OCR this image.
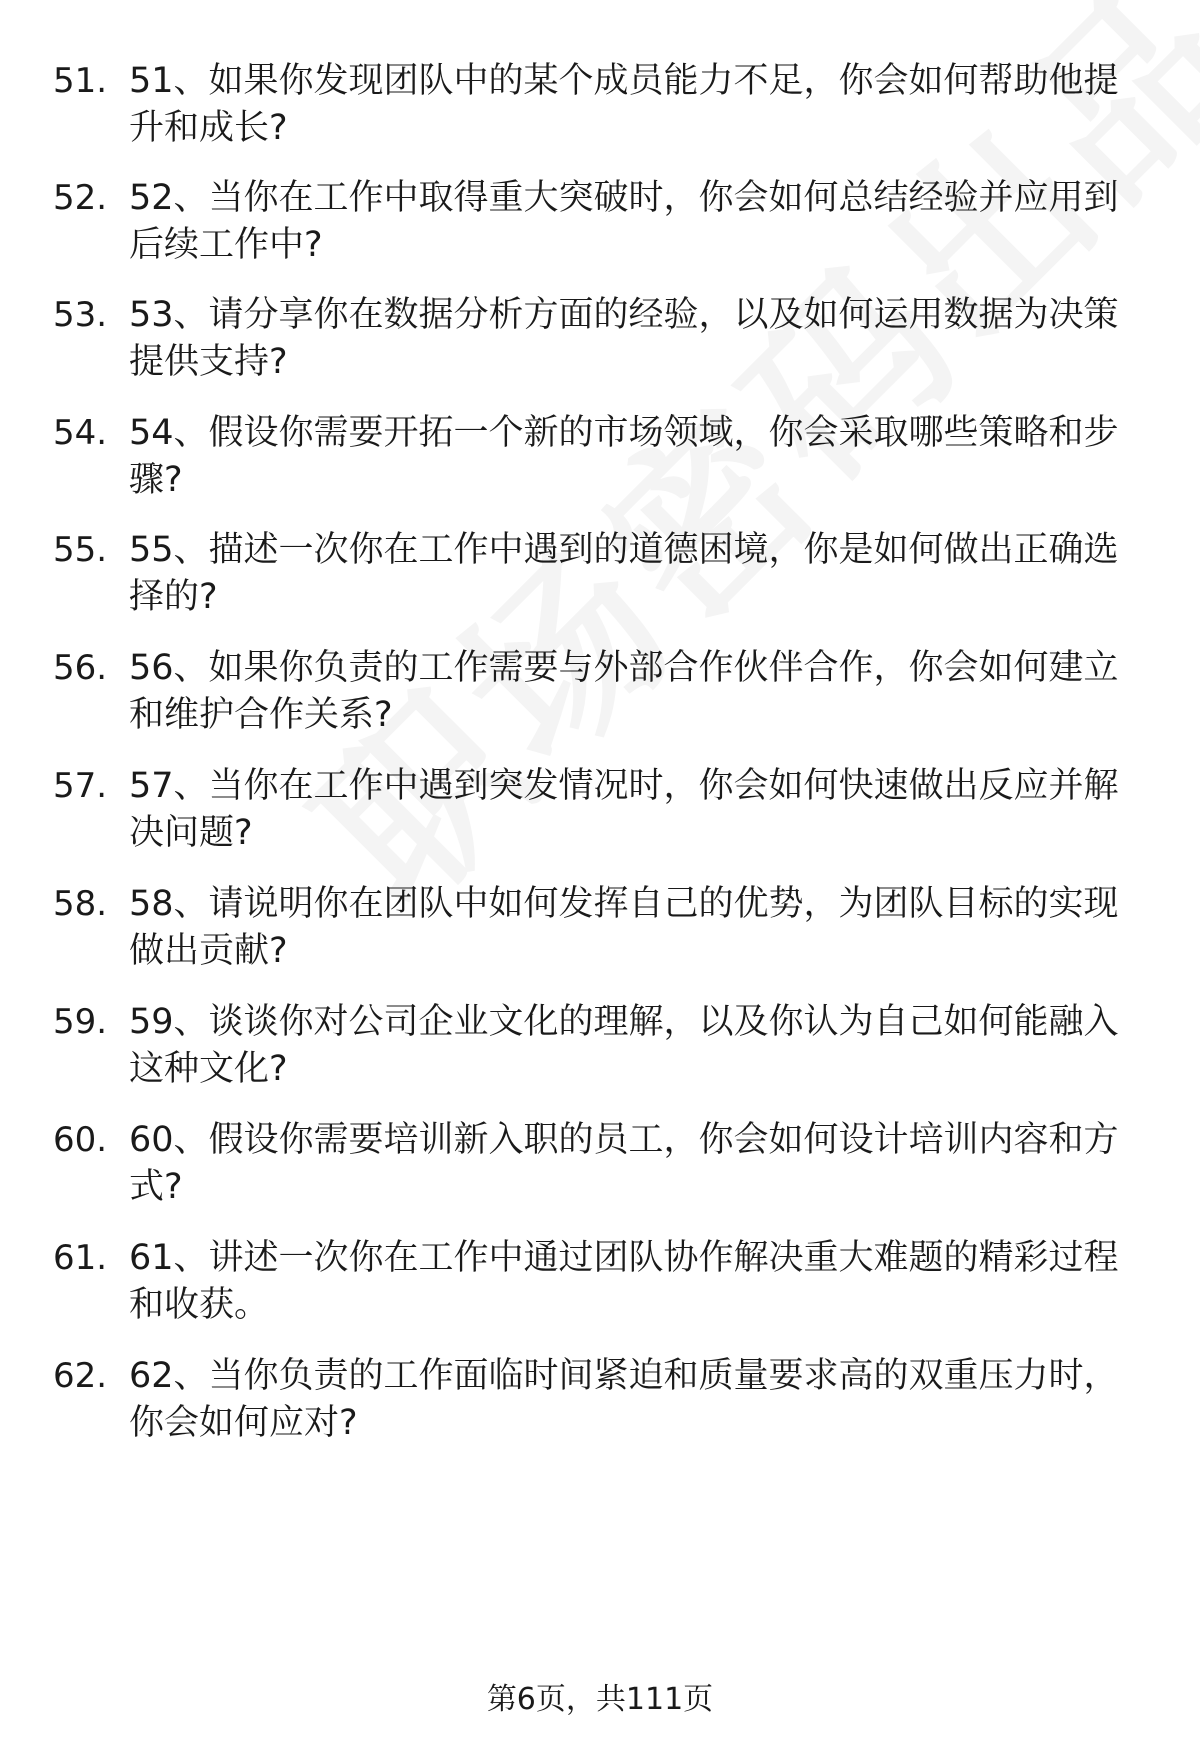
51. 51、如果你发现团队中的某个成员能力不足，你会如何帮助他提升和成长?
52. 52、当你在工作中取得重大突破时，你会如何总结经验并应用到后续工作中?
53. 53、请分享你在数据分析方面的经验，以及如何运用数据为决策提供支持?
54. 54、假设你需要开拓一个新的市场领域，你会采取哪些策略和步骤?
55. 55、描述一次你在工作中遇到的道德困境，你是如何做出正确选择的?
56. 56、如果你负责的工作需要与外部合作伙伴合作，你会如何建立和维护合作关系?
57. 57、当你在工作中遇到突发情况时，你会如何快速做出反应并解决问题?
58. 58、请说明你在团队中如何发挥自己的优势，为团队目标的实现做出贡献?
59. 59、谈谈你对公司企业文化的理解，以及你认为自己如何能融入这种文化?
60. 60、假设你需要培训新入职的员工，你会如何设计培训内容和方式?
61. 61、讲述一次你在工作中通过团队协作解决重大难题的精彩过程和收获。
62. 62、当你负责的工作面临时间紧迫和质量要求高的双重压力时，你会如何应对?
第6页，共111页
